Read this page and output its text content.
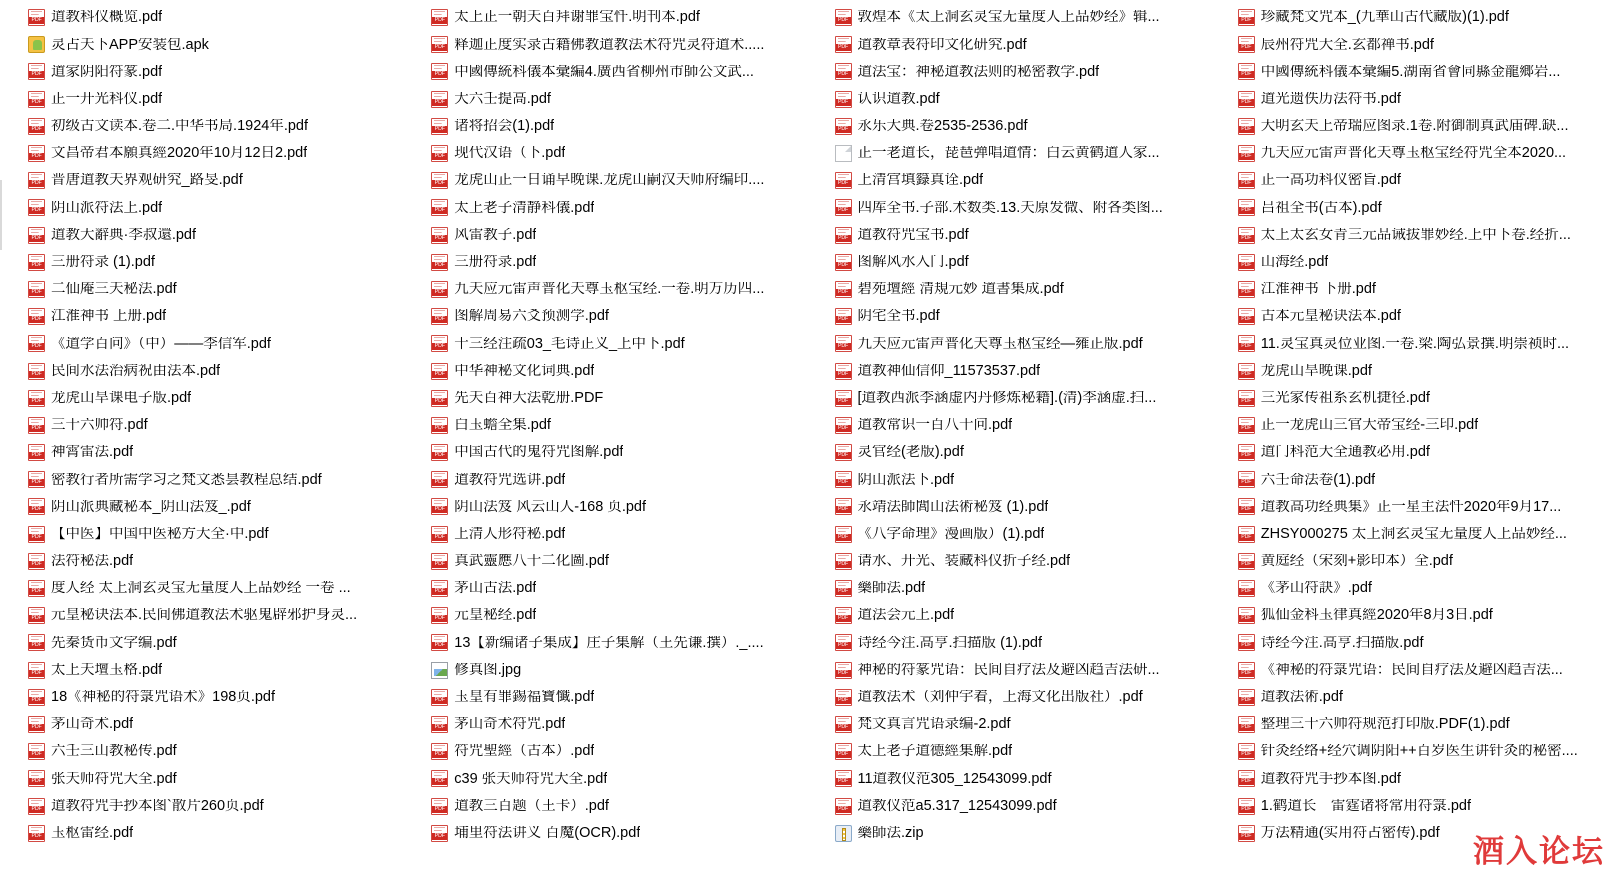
PDF
道教科仪概览.pdf
灵占天下APP安装包.apk
PDF
道家阴阳符篆.pdf
PDF
正一开光科仪.pdf
PDF
初级古文读本.卷二.中华书局.1924年.pdf
PDF
文昌帝君本願真經2020年10月12日2.pdf
PDF
晋唐道教天界观研究_路旻.pdf
PDF
阴山派符法上.pdf
PDF
道教大辭典·李叔還.pdf
PDF
三册符录 (1).pdf
PDF
二仙庵三天秘法.pdf
PDF
江淮神书 上册.pdf
PDF
《道学百问》（中）——李信军.pdf
PDF
民间水法治病祝由法本.pdf
PDF
龙虎山旱课电子版.pdf
PDF
三十六帅符.pdf
PDF
神霄雷法.pdf
PDF
密教行者所需学习之梵文悉昙教程总结.pdf
PDF
阴山派典藏秘本_阴山法笈_.pdf
PDF
【中医】中国中医秘方大全·中.pdf
PDF
法符秘法.pdf
PDF
度人经 太上洞玄灵宝无量度人上品妙经 一卷 ...
PDF
元皇秘诀法本.民间佛道教法术驱鬼辟邪护身灵...
PDF
先秦货币文字编.pdf
PDF
太上天壇玉格.pdf
PDF
18《神秘的符箓咒语术》198页.pdf
PDF
茅山奇术.pdf
PDF
六壬三山教秘传.pdf
PDF
张天师符咒大全.pdf
PDF
道教符咒手抄本图`散片260页.pdf
PDF
玉枢雷经.pdf
PDF
太上正一朝天百拜谢罪宝忏.明刊本.pdf
PDF
释迦正度实录古籍佛教道教法术符咒灵符道术.....
PDF
中國傳統科儀本彙編4.廣西省柳州市師公文武...
PDF
大六壬提高.pdf
PDF
诸将招会(1).pdf
PDF
现代汉语（下.pdf
PDF
龙虎山正一日诵早晚课.龙虎山嗣汉天师府编印....
PDF
太上老子清静科儀.pdf
PDF
风雷教子.pdf
PDF
三册符录.pdf
PDF
九天应元雷声普化天尊玉枢宝经.一卷.明万历四...
PDF
图解周易六爻预测学.pdf
PDF
十三经注疏03_毛诗正义_上中下.pdf
PDF
中华神秘文化词典.pdf
PDF
先天百神大法乾册.PDF
PDF
白玉蟾全集.pdf
PDF
中国古代的鬼符咒图解.pdf
PDF
道教符咒选讲.pdf
PDF
阴山法笈 风云山人-168 页.pdf
PDF
上清人形符秘.pdf
PDF
真武靈應八十二化圖.pdf
PDF
茅山古法.pdf
PDF
元皇秘经.pdf
PDF
13【新编诸子集成】庄子集解（王先谦.撰）._....
修真图.jpg
PDF
玉皇有罪錫福寶懺.pdf
PDF
茅山奇术符咒.pdf
PDF
符咒聖經（古本）.pdf
PDF
c39 张天师符咒大全.pdf
PDF
道教三百题（王卡）.pdf
PDF
埔里符法讲义 百魔(OCR).pdf
PDF
敦煌本《太上洞玄灵宝无量度人上品妙经》辑...
PDF
道教章表符印文化研究.pdf
PDF
道法宝：神秘道教法则的秘密教学.pdf
PDF
认识道教.pdf
PDF
永乐大典.卷2535-2536.pdf
正一老道长，琵琶弹唱道情：白云黄鹤道人家...
PDF
上清宫填籙真诠.pdf
PDF
四库全书.子部.术数类.13.天原发微、附各类图...
PDF
道教符咒宝书.pdf
PDF
图解风水入门.pdf
PDF
碧苑壇經 清規元妙 道書集成.pdf
PDF
阴宅全书.pdf
PDF
九天应元雷声普化天尊玉枢宝经—雍正版.pdf
PDF
道教神仙信仰_11573537.pdf
PDF
[道教西派李涵虚内丹修炼秘籍].(清)李涵虚.扫...
PDF
道教常识一百八十问.pdf
PDF
灵官经(老版).pdf
PDF
阴山派法下.pdf
PDF
永靖法師閭山法術秘笈 (1).pdf
PDF
《八字命理》漫画版）(1).pdf
PDF
请水、开光、装藏科仪折子经.pdf
PDF
藥師法.pdf
PDF
道法会元上.pdf
PDF
诗经今注.高亨.扫描版 (1).pdf
PDF
神秘的符篆咒语：民间自疗法及避凶趋吉法研...
PDF
道教法术（刘仲宇着，上海文化出版社）.pdf
PDF
梵文真言咒语录编-2.pdf
PDF
太上老子道德經集解.pdf
PDF
11道教仪范305_12543099.pdf
PDF
道教仪范a5.317_12543099.pdf
藥師法.zip
PDF
珍藏梵文咒本_(九華山古代藏版)(1).pdf
PDF
辰州符咒大全.玄都禅书.pdf
PDF
中國傳統科儀本彙編5.湖南省會同縣金龍鄉岩...
PDF
道光遗佚历法符书.pdf
PDF
大明玄天上帝瑞应图录.1卷.附御制真武庙碑.缺...
PDF
九天应元雷声普化天尊玉枢宝经符咒全本2020...
PDF
正一高功科仪密旨.pdf
PDF
吕祖全书(古本).pdf
PDF
太上太玄女青三元品诫拔罪妙经.上中下卷.经折...
PDF
山海经.pdf
PDF
江淮神书 下册.pdf
PDF
古本元皇秘诀法本.pdf
PDF
11.灵宝真灵位业图.一卷.梁.陶弘景撰.明崇祯时...
PDF
龙虎山旱晚课.pdf
PDF
三光家传祖系玄机捷径.pdf
PDF
正一龙虎山三官大帝宝经-三印.pdf
PDF
道门科范大全通教必用.pdf
PDF
六壬命法卷(1).pdf
PDF
道教高功经典集》正一星主法忏2020年9月17...
PDF
ZHSY000275 太上洞玄灵宝无量度人上品妙经...
PDF
黄庭经（宋刻+影印本）全.pdf
PDF
《茅山符訣》.pdf
PDF
狐仙金科玉律真經2020年8月3日.pdf
PDF
诗经今注.高亨.扫描版.pdf
PDF
《神秘的符箓咒语：民间自疗法及避凶趋吉法...
PDF
道教法術.pdf
PDF
整理三十六帅符规范打印版.PDF(1).pdf
PDF
针灸经络+经穴调阴阳++百岁医生讲针灸的秘密....
PDF
道教符咒手抄本图.pdf
PDF
1.鹤道长　雷霆诸将常用符箓.pdf
PDF
万法精通(实用符占密传).pdf
酒入论坛
